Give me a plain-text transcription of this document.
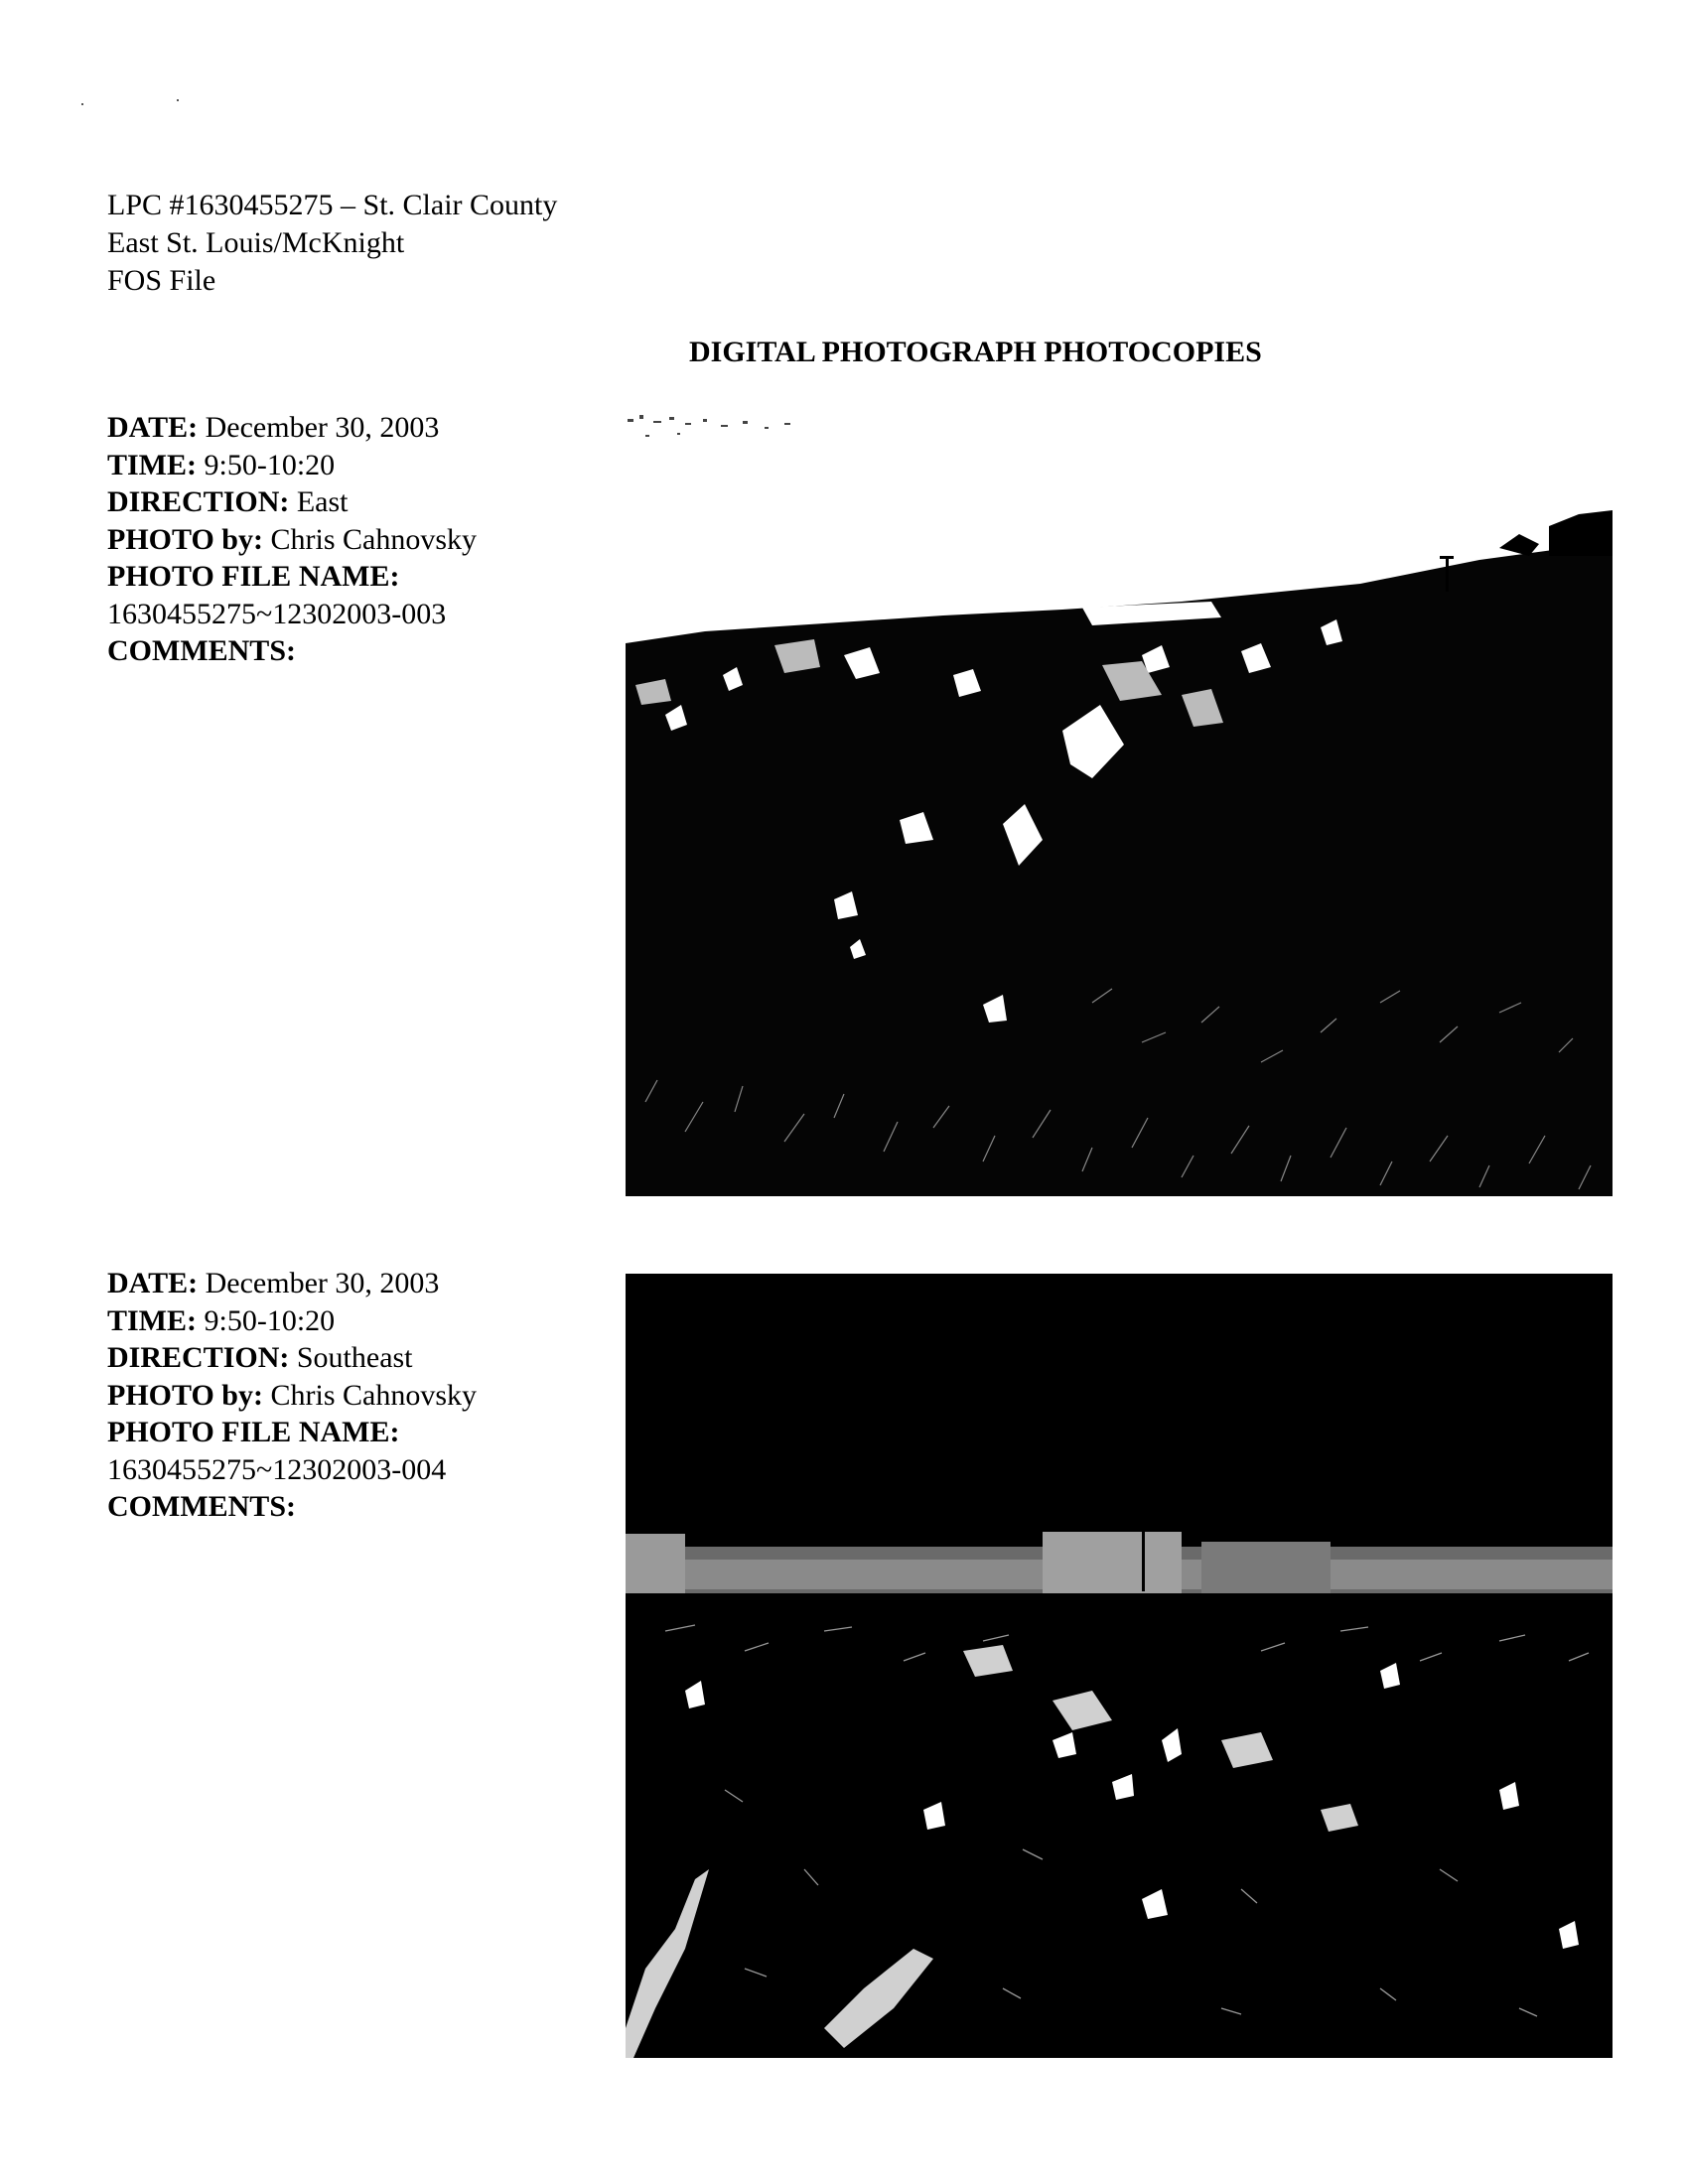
LPC #1630455275 – St. Clair County
East St. Louis/McKnight
FOS File
DIGITAL PHOTOGRAPH PHOTOCOPIES
DATE: December 30, 2003
TIME: 9:50-10:20
DIRECTION: East
PHOTO by: Chris Cahnovsky
PHOTO FILE NAME:
1630455275~12302003-003
COMMENTS:
DATE: December 30, 2003
TIME: 9:50-10:20
DIRECTION: Southeast
PHOTO by: Chris Cahnovsky
PHOTO FILE NAME:
1630455275~12302003-004
COMMENTS:
